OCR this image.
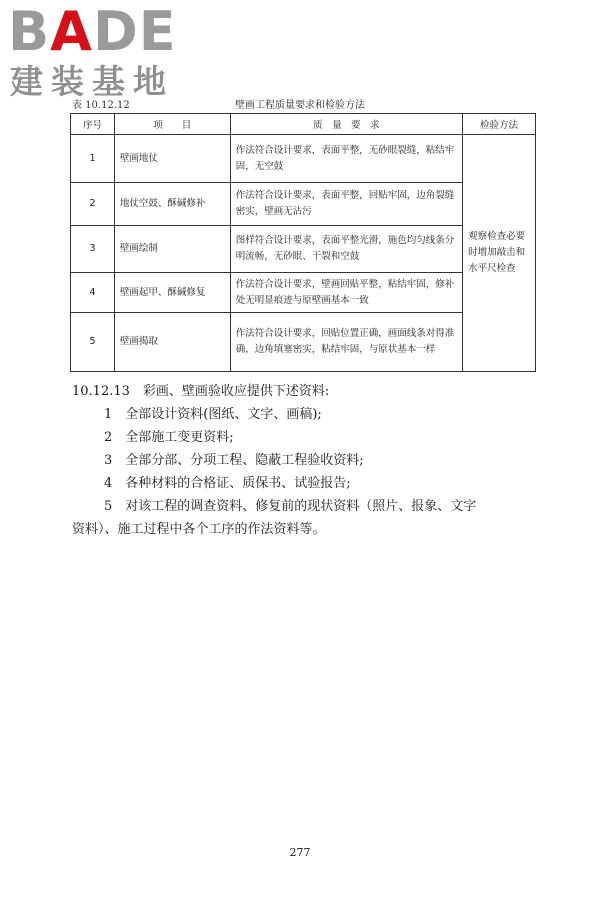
BADE
建装基地
表 10.12.12	壁画工程质量要求和检验方法
序号	项　　目	质　量　要　求	检验方法
1	壁画地仗	作法符合设计要求，表面平整，无砂眼裂缝，粘结牢固，无空鼓	观察检查必要时增加敲击和水平尺检查
2	地仗空鼓、酥碱修补	作法符合设计要求，表面平整，回贴牢固，边角裂缝密实，壁画无沾污	
3	壁画绘制	图样符合设计要求，表面平整光滑，施色均匀线条分明流畅，无砂眼、干裂和空鼓	
4	壁画起甲、酥碱修复	作法符合设计要求，壁画回贴平整，粘结牢固，修补处无明显痕迹与原壁画基本一致	
5	壁画揭取	作法符合设计要求，回贴位置正确，画面线条对得准确，边角填塞密实，粘结牢固，与原状基本一样	

10.12.13　 彩画、壁画验收应提供下述资料:

1　全部设计资料(图纸、文字、画稿);

2　全部施工变更资料;

3　全部分部、分项工程、隐蔽工程验收资料;

4　各种材料的合格证、质保书、试验报告;

5　对该工程的调查资料、修复前的现状资料（照片、报象、文字

资料）、施工过程中各个工序的作法资料等。

277
